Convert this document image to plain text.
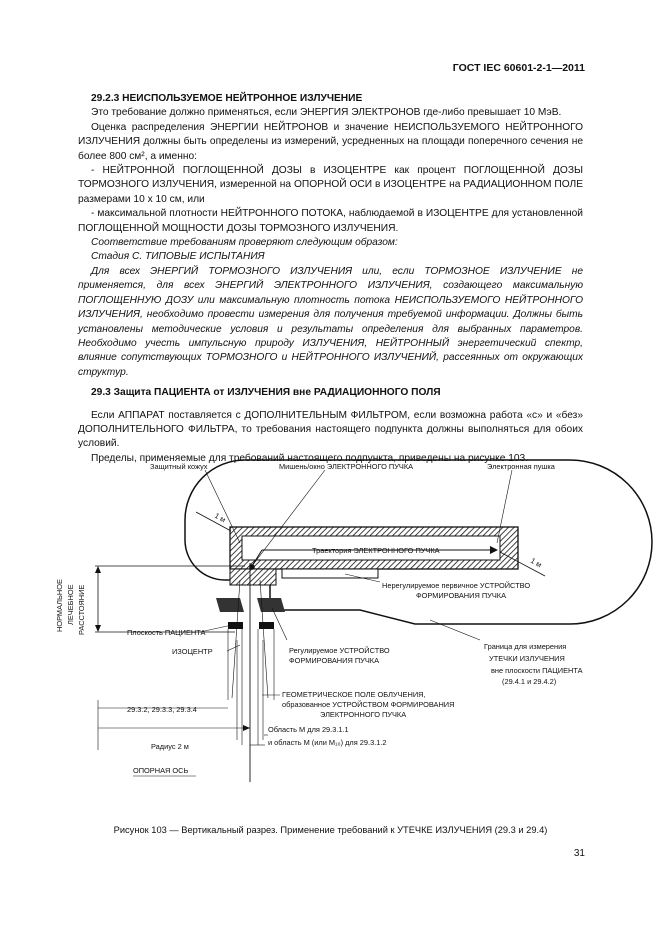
ГОСТ IEC 60601-2-1—2011

29.2.3 НЕИСПОЛЬЗУЕМОЕ НЕЙТРОННОЕ ИЗЛУЧЕНИЕ

Это требование должно применяться, если ЭНЕРГИЯ ЭЛЕКТРОНОВ где-либо превышает 10 МэВ.

Оценка распределения ЭНЕРГИИ НЕЙТРОНОВ и значение НЕИСПОЛЬЗУЕМОГО НЕЙТРОННОГО ИЗЛУЧЕНИЯ должны быть определены из измерений, усредненных на площади поперечного сечения не более 800 см², а именно:

- НЕЙТРОННОЙ ПОГЛОЩЕННОЙ ДОЗЫ в ИЗОЦЕНТРЕ как процент ПОГЛОЩЕННОЙ ДОЗЫ ТОРМОЗНОГО ИЗЛУЧЕНИЯ, измеренной на ОПОРНОЙ ОСИ в ИЗОЦЕНТРЕ на РАДИАЦИОННОМ ПОЛЕ размерами 10 х 10 см, или

- максимальной плотности НЕЙТРОННОГО ПОТОКА, наблюдаемой в ИЗОЦЕНТРЕ для установленной ПОГЛОЩЕННОЙ МОЩНОСТИ ДОЗЫ ТОРМОЗНОГО ИЗЛУЧЕНИЯ.

Соответствие требованиям проверяют следующим образом:

Стадия С. ТИПОВЫЕ ИСПЫТАНИЯ

Для всех ЭНЕРГИЙ ТОРМОЗНОГО ИЗЛУЧЕНИЯ или, если ТОРМОЗНОЕ ИЗЛУЧЕНИЕ не применяется, для всех ЭНЕРГИЙ ЭЛЕКТРОННОГО ИЗЛУЧЕНИЯ, создающего максимальную ПОГЛОЩЕННУЮ ДОЗУ или максимальную плотность потока НЕИСПОЛЬЗУЕМОГО НЕЙТРОННОГО ИЗЛУЧЕНИЯ, необходимо провести измерения для получения требуемой информации. Должны быть установлены методические условия и результаты определения для выбранных параметров. Необходимо учесть импульсную природу ИЗЛУЧЕНИЯ, НЕЙТРОННЫЙ энергетический спектр, влияние сопутствующих ТОРМОЗНОГО и НЕЙТРОННОГО ИЗЛУЧЕНИЙ, рассеянных от окружающих структур.

29.3 Защита ПАЦИЕНТА от ИЗЛУЧЕНИЯ вне РАДИАЦИОННОГО ПОЛЯ

Если АППАРАТ поставляется с ДОПОЛНИТЕЛЬНЫМ ФИЛЬТРОМ, если возможна работа «с» и «без» ДОПОЛНИТЕЛЬНОГО ФИЛЬТРА, то требования настоящего подпункта должны выполняться для обоих условий.

Пределы, применяемые для требований настоящего подпункта, приведены на рисунке 103.

Защитный кожух	Мишень/окно ЭЛЕКТРОННОГО ПУЧКА	Электронная пушка
1 м
1 м
Траектория ЭЛЕКТРОННОГО ПУЧКА
Нерегулируемое первичное УСТРОЙСТВО
ФОРМИРОВАНИЯ ПУЧКА
НОРМАЛЬНОЕ ЛЕЧЕБНОЕ РАССТОЯНИЕ	Плоскость ПАЦИЕНТА
ИЗОЦЕНТР	Регулируемое УСТРОЙСТВО
ФОРМИРОВАНИЯ ПУЧКА
Граница для измерения
УТЕЧКИ ИЗЛУЧЕНИЯ
вне плоскости ПАЦИЕНТА
(29.4.1 и 29.4.2)
ГЕОМЕТРИЧЕСКОЕ ПОЛЕ ОБЛУЧЕНИЯ,
образованное УСТРОЙСТВОМ ФОРМИРОВАНИЯ
ЭЛЕКТРОННОГО ПУЧКА
29.3.2, 29.3.3, 29.3.4
Область M для 29.3.1.1
и область M (или M₁₀) для 29.3.1.2
Радиус 2 м
ОПОРНАЯ ОСЬ
Рисунок 103 — Вертикальный разрез. Применение требований к УТЕЧКЕ ИЗЛУЧЕНИЯ (29.3 и 29.4)
31
